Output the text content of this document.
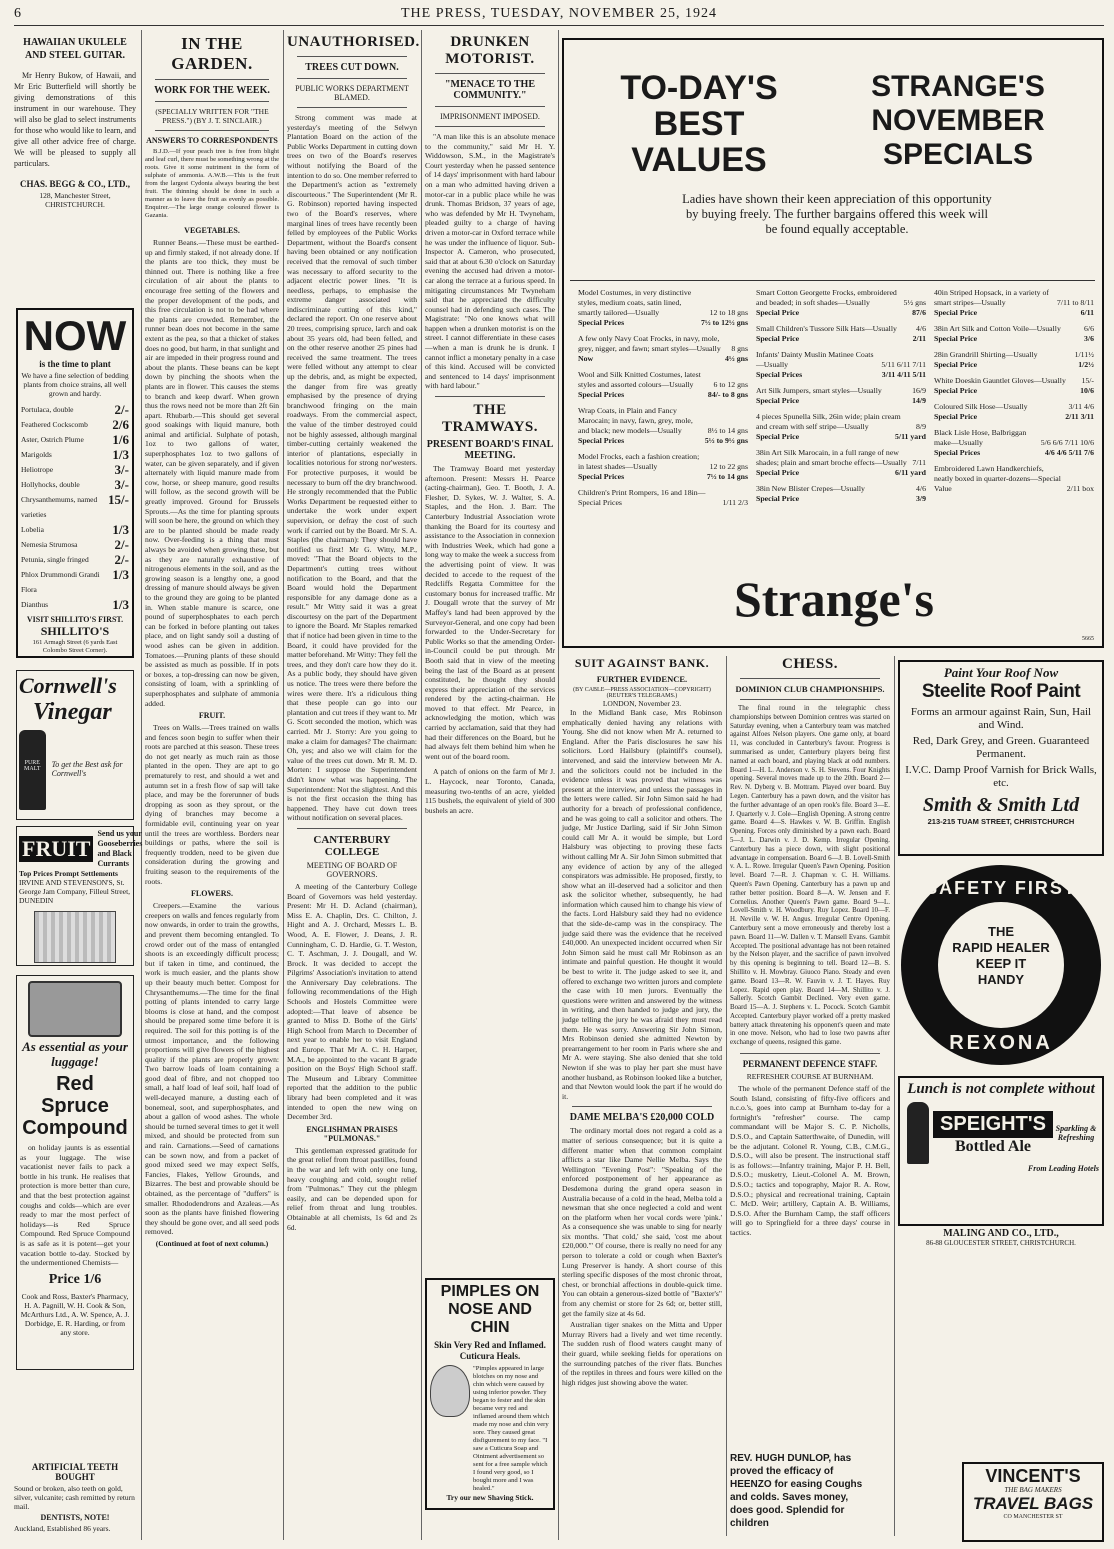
6	THE PRESS, TUESDAY, NOVEMBER 25, 1924
HAWAIIAN UKULELE AND STEEL GUITAR.
Mr Henry Bukow, of Hawaii, and Mr Eric Butterfield will shortly be giving demonstrations of this instrument in our warehouse. They will also be glad to select instruments for those who would like to learn, and give all other advice free of charge. We will be pleased to supply all particulars.
CHAS. BEGG & CO., LTD.,
128, Manchester Street, CHRISTCHURCH.
NOW
is the time to plant
We have a fine selection of bedding plants from choice strains, all well grown and hardy.
Portulaca, double	2/-
Feathered Cockscomb 2/6
Aster, Ostrich Plume 1/6
Marigolds	1/3
Heliotrope	3/-
Hollyhocks, double	3/-
Chrysanthemums, named varieties
15/-
Lobelia	1/3
Nemesia Strumosa	2/-
Petunia, single fringed 2/-
Phlox Drummondi Grandi Flora
1/3
Dianthus	1/3
VISIT SHILLITO'S FIRST.
SHILLITO'S
161 Armagh Street (6 yards East Colombo Street Corner).
Cornwell's
Vinegar
PURE MALT	To get the Best ask for Cornwell's
FRUIT
Send us your Gooseberries and Black Currants
Top Prices Prompt Settlements
IRVINE AND STEVENSON'S, St. George Jam Company, Filleul Street, DUNEDIN
As essential as your luggage!
Red Spruce Compound
on holiday jaunts is as essential as your luggage. The wise vacationist never fails to pack a bottle in his trunk. He realises that protection is more better than cure, and that the best protection against coughs and colds—which are ever ready to mar the most perfect of holidays—is Red Spruce Compound. Red Spruce Compound is as safe as it is potent—get your vacation bottle to-day. Stocked by the undermentioned Chemists—
Price 1/6
Cook and Ross, Baxter's Pharmacy, H. A. Pagnill, W. H. Cook & Son, McArthurs Ltd., A. W. Spence, A. J. Dorbidge, E. R. Harding, or from any store.
ARTIFICIAL TEETH BOUGHT
Sound or broken, also teeth on gold, silver, vulcanite; cash remitted by return mail.
DENTISTS, NOTE!
Auckland, Established 86 years.
IN THE GARDEN.
WORK FOR THE WEEK.
(SPECIALLY WRITTEN FOR "THE PRESS.") (BY J. T. SINCLAIR.)
ANSWERS TO CORRESPONDENTS
B.J.D.—If your peach tree is free from blight and leaf curl, there must be something wrong at the roots. Give it some nutriment in the form of sulphate of ammonia. A.W.B.—This is the fruit from the largest Cydonia always bearing the best fruit. The thinning should be done in such a manner as to leave the fruit as evenly as possible. Enquirer.—The large orange coloured flower is Gazania.
VEGETABLES.
Runner Beans.—These must be earthed-up and firmly staked, if not already done. If the plants are too thick, they must be thinned out. There is nothing like a free circulation of air about the plants to encourage free setting of the flowers and the proper development of the pods, and this free circulation is not to be had where the plants are crowded. Remember, the runner bean does not become in the same extent as the pea, so that a thicket of stakes does no good, but harm, in that sunlight and air are impeded in their progress round and about the plants. These beans can be kept down by pinching the shoots when the plants are in flower. This causes the stems to branch and keep dwarf. When grown thus the rows need not be more than 2ft 6in apart. Rhubarb.—This should get several good soakings with liquid manure, both animal and artificial. Sulphate of potash, 1oz to two gallons of water, superphosphates 1oz to two gallons of water, can be given separately, and if given alternately with liquid manure made from cow, horse, or sheep manure, good results will follow, as the second growth will be greatly improved. Ground for Brussels Sprouts.—As the time for planting sprouts will soon be here, the ground on which they are to be planted should be made ready now. Over-feeding is a thing that must always be avoided when growing these, but as they are naturally exhaustive of nitrogenous elements in the soil, and as the growing season is a lengthy one, a good dressing of manure should always be given to the ground they are going to be planted in. When stable manure is scarce, one pound of superphosphates to each perch can be forked in before planting out takes place, and on light sandy soil a dusting of wood ashes can be given in addition. Tomatoes.—Pruning plants of these should be assisted as much as possible. If in pots or boxes, a top-dressing can now be given, consisting of loam, with a sprinkling of superphosphates and sulphate of ammonia added.
FRUIT.
Trees on Walls.—Trees trained on walls and fences soon begin to suffer when their roots are parched at this season. These trees do not get nearly as much rain as those planted in the open. They are apt to go prematurely to rest, and should a wet and autumn set in a fresh flow of sap will take place, and may be the forerunner of buds dropping as soon as they sprout, or the dying of branches may become a formidable evil, continuing year on year until the trees are worthless. Borders near buildings or paths, where the soil is frequently trodden, need to be given due consideration during the growing and fruiting season to the requirements of the roots.
FLOWERS.
Creepers.—Examine the various creepers on walls and fences regularly from now onwards, in order to train the growths, and prevent them becoming entangled. To crowd order out of the mass of entangled shoots is an exceedingly difficult process; but if taken in time, and continued, the work is much easier, and the plants show up their beauty much better. Compost for Chrysanthemums.—The time for the final potting of plants intended to carry large blooms is close at hand, and the compost should be prepared some time before it is required. The soil for this potting is of the utmost importance, and the following proportions will give flowers of the highest quality if the plants are properly grown: Two barrow loads of loam containing a good deal of fibre, and not chopped too small, a half load of leaf soil, half load of well-decayed manure, a dusting each of bonemeal, soot, and superphosphates, and about a gallon of wood ashes. The whole should be turned several times to get it well mixed, and should be protected from sun and rain. Carnations.—Seed of carnations can be sown now, and from a packet of good mixed seed we may expect Selfs, Fancies, Flakes, Yellow Grounds, and Bizarres. The best and prowable should be obtained, as the percentage of "duffers" is smaller. Rhododendrons and Azaleas.—As soon as the plants have finished flowering they should be gone over, and all seed pods removed.
(Continued at foot of next column.)
UNAUTHORISED.
TREES CUT DOWN.
PUBLIC WORKS DEPARTMENT BLAMED.
Strong comment was made at yesterday's meeting of the Selwyn Plantation Board on the action of the Public Works Department in cutting down trees on two of the Board's reserves without notifying the Board of the intention to do so. One member referred to the Department's action as "extremely discourteous." The Superintendent (Mr R. G. Robinson) reported having inspected two of the Board's reserves, where marginal lines of trees have recently been felled by employees of the Public Works Department, without the Board's consent having been obtained or any notification received that the removal of such timber was necessary to afford security to the adjacent electric power lines. "It is needless, perhaps, to emphasise the extreme danger associated with indiscriminate cutting of this kind," declared the report. On one reserve about 20 trees, comprising spruce, larch and oak about 35 years old, had been felled, and on the other reserve another 25 pines had received the same treatment. The trees were felled without any attempt to clear up the debris, and, as might be expected, the danger from fire was greatly emphasised by the presence of drying branchwood fringing on the main roadways. From the commercial aspect, the value of the timber destroyed could not be highly assessed, although marginal timber-cutting certainly weakened the interior of plantations, especially in localities notorious for strong nor'westers. For protective purposes, it would be necessary to burn off the dry branchwood. He strongly recommended that the Public Works Department be requested either to undertake the work under expert supervision, or defray the cost of such work if carried out by the Board. Mr S. A. Staples (the chairman): They should have notified us first! Mr G. Witty, M.P., moved: "That the Board objects to the Department's cutting trees without notification to the Board, and that the Board would hold the Department responsible for any damage done as a result." Mr Witty said it was a great discourtesy on the part of the Department to ignore the Board. Mr Staples remarked that if notice had been given in time to the Board, it could have provided for the matter beforehand. Mr Witty: They fell the trees, and they don't care how they do it. As a public body, they should have given us notice. The trees were there before the wires were there. It's a ridiculous thing that these people can go into our plantation and cut trees if they want to. Mr G. Scott seconded the motion, which was carried. Mr J. Storry: Are you going to make a claim for damages? The chairman: Oh, yes; and also we will claim for the value of the trees cut down. Mr R. M. D. Morten: I suppose the Superintendent didn't know what was happening. The Superintendent: Not the slightest. And this is not the first occasion the thing has happened. They have cut down trees without notification on several places.
CANTERBURY COLLEGE
MEETING OF BOARD OF GOVERNORS.
A meeting of the Canterbury College Board of Governors was held yesterday. Present: Mr H. D. Acland (chairman), Miss E. A. Chaplin, Drs. C. Chilton, J. Hight and A. J. Orchard, Messrs L. B. Wood, A. E. Flower, J. Deans, J. R. Cunningham, C. D. Hardie, G. T. Weston, C. T. Aschman, J. J. Dougall, and W. Brock. It was decided to accept the Pilgrims' Association's invitation to attend the Anniversary Day celebrations. The following recommendations of the High Schools and Hostels Committee were adopted:—That leave of absence be granted to Miss D. Bothe of the Girls' High School from March to December of next year to enable her to visit England and Europe. That Mr A. C. H. Harper, M.A., be appointed to the vacant B grade position on the Boys' High School staff. The Museum and Library Committee reported that the addition to the public library had been completed and it was intended to open the new wing on December 3rd.
ENGLISHMAN PRAISES "PULMONAS."
This gentleman expressed gratitude for the great relief from throat pastilles, found in the war and left with only one lung, heavy coughing and cold, sought relief from "Pulmonas." They cut the phlegm easily, and can be depended upon for relief from throat and lung troubles. Obtainable at all chemists, 1s 6d and 2s 6d.
DRUNKEN MOTORIST.
"MENACE TO THE COMMUNITY."
IMPRISONMENT IMPOSED.
"A man like this is an absolute menace to the community," said Mr H. Y. Widdowson, S.M., in the Magistrate's Court yesterday when he passed sentence of 14 days' imprisonment with hard labour on a man who admitted having driven a motor-car in a public place while he was drunk. Thomas Bridson, 37 years of age, who was defended by Mr H. Twyneham, pleaded guilty to a charge of having driven a motor-car in Oxford terrace while he was under the influence of liquor. Sub-Inspector A. Cameron, who prosecuted, said that at about 6.30 o'clock on Saturday evening the accused had driven a motor-car along the terrace at a furious speed. In mitigating circumstances Mr Twyneham said that he appreciated the difficulty counsel had in defending such cases. The Magistrate: "No one knows what will happen when a drunken motorist is on the street. I cannot differentiate in these cases—when a man is drunk he is drunk. I cannot inflict a monetary penalty in a case of this kind. Accused will be convicted and sentenced to 14 days' imprisonment with hard labour."
THE TRAMWAYS.
PRESENT BOARD'S FINAL MEETING.
The Tramway Board met yesterday afternoon. Present: Messrs H. Pearce (acting-chairman), Geo. T. Booth, J. A. Flesher, D. Sykes, W. J. Walter, S. A. Staples, and the Hon. J. Barr. The Canterbury Industrial Association wrote thanking the Board for its courtesy and assistance to the Association in connexion with Industries Week, which had gone a long way to make the week a success from the advertising point of view. It was decided to accede to the request of the Redcliffs Regatta Committee for the customary bonus for increased traffic. Mr J. Dougall wrote that the survey of Mr Maffey's land had been approved by the Surveyor-General, and one copy had been forwarded to the Under-Secretary for Public Works so that the amending Order-in-Council could be put through. Mr Booth said that in view of the meeting being the last of the Board as at present constituted, he thought they should express their appreciation of the services rendered by the acting-chairman. He moved to that effect. Mr Pearce, in acknowledging the motion, which was carried by acclamation, said that they had had their differences on the Board, but he had always felt them behind him when he went out of the board room.
A patch of onions on the farm of Mr J. L. Haycock, near Toronto, Canada, measuring two-tenths of an acre, yielded 115 bushels, the equivalent of yield of 300 bushels an acre.
PIMPLES ON NOSE AND CHIN
Skin Very Red and Inflamed. Cuticura Heals.
"Pimples appeared in large blotches on my nose and chin which were caused by using inferior powder. They began to fester and the skin became very red and inflamed around them which made my nose and chin very sore. They caused great disfigurement to my face. "I saw a Cuticura Soap and Ointment advertisement so sent for a free sample which I found very good, so I bought more and I was healed."
Try our new Shaving Stick.
TO-DAY'S BEST VALUES
STRANGE'S NOVEMBER SPECIALS
Ladies have shown their keen appreciation of this opportunity by buying freely. The further bargains offered this week will be found equally acceptable.
Model Costumes, in very distinctive styles, medium coats, satin lined, smartly tailored—Usually	12 to 18 gns
Special Prices	7½ to 12½ gns
A few only Navy Coat Frocks, in navy, mole, grey, nigger, and fawn; smart styles—Usually	8 gns
Now	4½ gns
Wool and Silk Knitted Costumes, latest styles and assorted colours—Usually	6 to 12 gns
Special Prices	84/- to 8 gns
Wrap Coats, in Plain and Fancy Marocain; in navy, fawn, grey, mole, and black; new models—Usually	8½ to 14 gns
Special Prices	5½ to 9½ gns
Model Frocks, each a fashion creation; in latest shades—Usually	12 to 22 gns
Special Prices	7½ to 14 gns
Children's Print Rompers, 16 and 18in—Special Prices	1/11 2/3
Smart Cotton Georgette Frocks, embroidered and beaded; in soft shades—Usually	5½ gns
Special Price	87/6
Small Children's Tussore Silk Hats—Usually 4/6
Special Price	2/11
Infants' Dainty Muslin Matinee Coats—Usually	5/11 6/11 7/11
Special Prices	3/11 4/11 5/11
Art Silk Jumpers, smart styles—Usually	16/9
Special Price	14/9
4 pieces Spunella Silk, 26in wide; plain cream and cream with self stripe—Usually	8/9
Special Price	5/11 yard
38in Art Silk Marocain, in a full range of new shades; plain and smart broche effects—Usually 7/11
Special Price	6/11 yard
38in New Blister Crepes—Usually	4/6
Special Price	3/9
40in Striped Hopsack, in a variety of smart stripes—Usually	7/11 to 8/11
Special Price	6/11
38in Art Silk and Cotton Voile—Usually	6/6
Special Price	3/6
28in Grandrill Shirting—Usually	1/11½
Special Price	1/2½
White Doeskin Gauntlet Gloves—Usually 15/-
Special Price	10/6
Coloured Silk Hose—Usually	3/11 4/6
Special Price	2/11 3/11
Black Lisle Hose, Balbriggan make—Usually	5/6 6/6 7/11 10/6
Special Prices	4/6 4/6 5/11 7/6
Embroidered Lawn Handkerchiefs, neatly boxed in quarter-dozens—Special Value	2/11 box
Strange's
5665
SUIT AGAINST BANK.
FURTHER EVIDENCE.
(BY CABLE—PRESS ASSOCIATION—COPYRIGHT) (REUTER'S TELEGRAMS.)
LONDON, November 23.
In the Midland Bank case, Mrs Robinson emphatically denied having any relations with Young. She did not know when Mr A. returned to England. After the Paris disclosures he saw his solicitors. Lord Hailsbury (plaintiff's counsel), intervened, and said the interview between Mr A. and the solicitors could not be included in the evidence unless it was proved that witness was present at the interview, and unless the passages in the letters were called. Sir John Simon said he had authority for a breach of professional confidence, and he was going to call a solicitor and others. The judge, Mr Justice Darling, said if Sir John Simon could call Mr A. it would be simple, but Lord Halsbury was objecting to proving these facts without calling Mr A. Sir John Simon submitted that any evidence of action by any of the alleged conspirators was admissible. He proposed, firstly, to show what an ill-deserved had a solicitor and then ask the solicitor whether, subsequently, he had information which caused him to change his view of the facts. Lord Halsbury said they had no evidence that the side-de-camp was in the conspiracy. The judge said there was the evidence that he received £40,000. An unexpected incident occurred when Sir John Simon said he must call Mr Robinson as an intimate and painful question. He thought it would be best to write it. The judge asked to see it, and offered to exchange two written jurors and complete the case with 10 men jurors. Eventually the questions were written and answered by the witness in writing, and then handed to judge and jury, the judge telling the jury he was afraid they must read them. He was sorry. Answering Sir John Simon, Mrs Robinson denied she admitted Newton by prearrangement to her room in Paris where she and Mr A. were staying. She also denied that she told Newton if she was to play her part she must have another husband, as Robinson looked like a butcher, and that Newton would look the part if he would do it.
DAME MELBA'S £20,000 COLD
The ordinary mortal does not regard a cold as a matter of serious consequence; but it is quite a different matter when that common complaint afflicts a star like Dame Nellie Melba. Says the Wellington "Evening Post": "Speaking of the enforced postponement of her appearance as Desdemona during the grand opera season in Australia because of a cold in the head, Melba told a newsman that she once neglected a cold and went on the platform when her vocal cords were 'pink.' As a consequence she was unable to sing for nearly six months. 'That cold,' she said, 'cost me about £20,000.'" Of course, there is really no need for any person to tolerate a cold or cough when Baxter's Lung Preserver is handy. A short course of this sterling specific disposes of the most chronic throat, chest, or bronchial affections in double-quick time. You can obtain a generous-sized bottle of "Baxter's" from any chemist or store for 2s 6d; or, better still, get the family size at 4s 6d.
Australian tiger snakes on the Mitta and Upper Murray Rivers had a lively and wet time recently. The sudden rush of flood waters caught many of their guard, while seeking fields for operations on the surrounding patches of the river flats. Bunches of the reptiles in threes and fours were killed on the high ridges just showing above the water.
CHESS.
DOMINION CLUB CHAMPIONSHIPS.
The final round in the telegraphic chess championships between Dominion centres was started on Saturday evening, when a Canterbury team was matched against Alfoes Nelson players. One game only, at board 11, was concluded in Canterbury's favour. Progress is summarised as under, Canterbury players being first named at each board, and playing black at odd numbers. Board 1—H. L. Anderson v. S. H. Stevens. Four Knights opening. Several moves made up to the 20th. Board 2—Rev. N. Dyberg v. B. Mottram. Played over board. Buy Legen. Canterbury has a pawn down, and the visitor has the further advantage of an open rook's file. Board 3—E. J. Quarterly v. J. Cole—English Opening. A strong centre game. Board 4—S. Hawkes v. W. B. Griffin. English Opening. Forces only diminished by a pawn each. Board 5—J. L. Darwin v. J. D. Kemp. Irregular Opening. Canterbury has a piece down, with slight positional advantage in compensation. Board 6—J. B. Lovell-Smith v. A. L. Rowe. Irregular Queen's Pawn Opening. Position level. Board 7—R. J. Chapman v. C. H. Williams. Queen's Pawn Opening. Canterbury has a pawn up and rather better position. Board 8—A. W. Jensen and F. Cornelius. Another Queen's Pawn game. Board 9—L. Lovell-Smith v. H. Woodbury. Ruy Lopez. Board 10—F. H. Neville v. W. H. Angus. Irregular Centre Opening. Canterbury sent a move erroneously and thereby lost a pawn. Board 11—W. Dallen v. T. Mansell Evans. Gambit Accepted. The positional advantage has not been retained by the Nelson player, and the sacrifice of pawn involved by this opening is beginning to tell. Board 12—B. S. Shillito v. H. Mowbray. Giuoco Piano. Steady and even game. Board 13—R. W. Fauvin v. J. T. Hayes. Ruy Lopez. Rapid open play. Board 14—M. Shillito v. J. Sallerly. Scotch Gambit Declined. Very even game. Board 15—A. J. Stephens v. L. Pocock. Scotch Gambit Accepted. Canterbury player worked off a pretty masked battery attack threatening his opponent's queen and mate in one move. Nelson, who had to lose two pawns after exchange of queens, resigned this game.
PERMANENT DEFENCE STAFF.
REFRESHER COURSE AT BURNHAM.
The whole of the permanent Defence staff of the South Island, consisting of fifty-five officers and n.c.o.'s, goes into camp at Burnham to-day for a fortnight's "refresher" course. The camp commandant will be Major S. C. P. Nicholls, D.S.O., and Captain Satterthwaite, of Dunedin, will be the adjutant. Colonel R. Young, C.B., C.M.G., D.S.O., will also be present. The instructional staff is as follows:—Infantry training, Major P. H. Bell, D.S.O.; musketry, Lieut.-Colonel A. M. Brown, D.S.O.; tactics and topography, Major R. A. Row, D.S.O.; physical and recreational training, Captain C. McD. Weir; artillery, Captain A. B. Williams, D.S.O. After the Burnham Camp, the staff officers will go to Springfield for a three days' course in tactics.
Paint Your Roof Now
Steelite Roof Paint
Forms an armour against Rain, Sun, Hail and Wind.
Red, Dark Grey, and Green. Guaranteed Permanent.
I.V.C. Damp Proof Varnish for Brick Walls, etc.
Smith & Smith Ltd
213-215 TUAM STREET, CHRISTCHURCH
SAFETY FIRST
THE
RAPID HEALER
KEEP IT
HANDY
REXONA
Lunch is not complete without
SPEIGHT'S
Bottled Ale
Sparkling & Refreshing
From Leading Hotels
MALING AND CO., LTD.,
86-88 GLOUCESTER STREET, CHRISTCHURCH.
REV. HUGH DUNLOP, has proved the efficacy of HEENZO for easing Coughs and colds. Saves money, does good. Splendid for children
VINCENT'S
THE BAG MAKERS
TRAVEL BAGS
CO MANCHESTER ST
